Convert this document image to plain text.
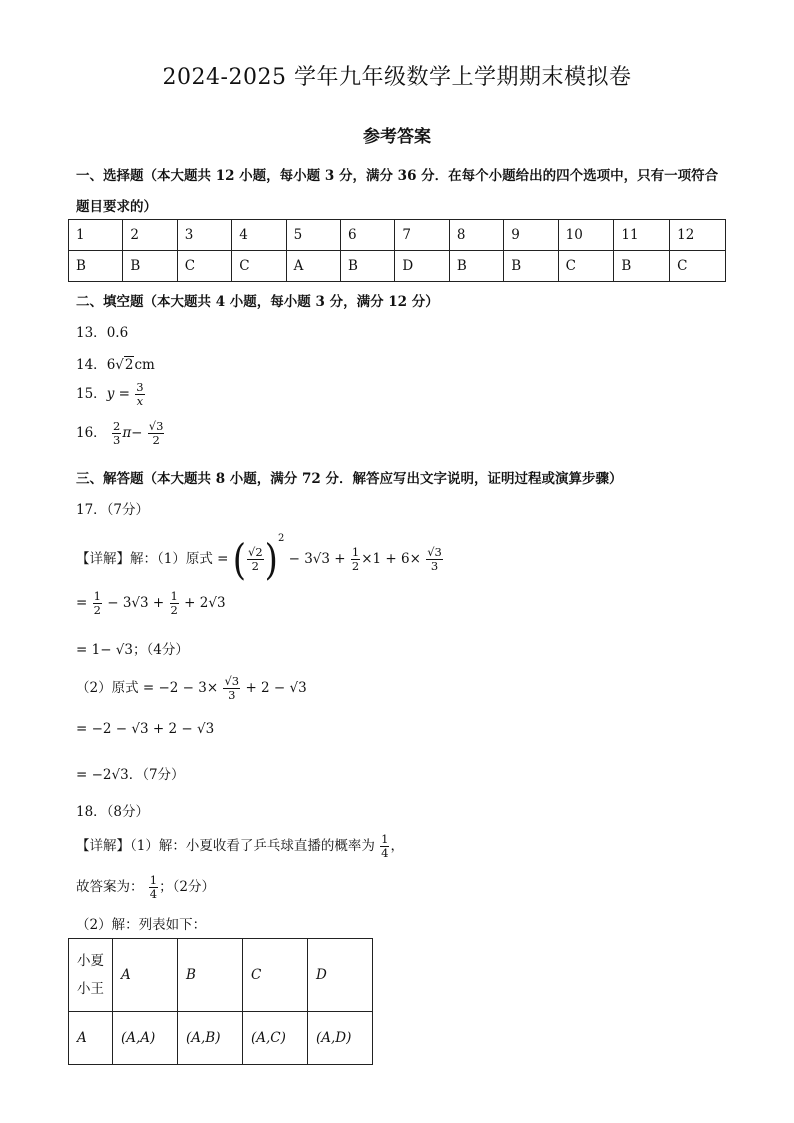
2024-2025 学年九年级数学上学期期末模拟卷
参考答案
一、选择题（本大题共 12 小题，每小题 3 分，满分 36 分．在每个小题给出的四个选项中，只有一项符合
题目要求的）
1	2	3	4	5	6	7	8	9	10	11	12
B	B	C	C	A	B	D	B	B	C	B	C
二、填空题（本大题共 4 小题，每小题 3 分，满分 12 分）
13．0.6
14．6√2cm
15．$y = \frac{3}{x}$
16． $\frac{2}{3} \pi- \frac{√3}{2}$
三、解答题（本大题共 8 小题，满分 72 分．解答应写出文字说明，证明过程或演算步骤）
17．（7分）
【详解】解：（1）原式 = ( $\frac{√2}{2} )^2 - 3√3 + \frac{1}{2} \times 1 + 6\times \frac{√3}{3}$
= $\frac{1}{2} - 3√3 + \frac{1}{2} + 2√3$
= 1− √3；（4分）
（2）原式 = $-2 - 3\times \frac{√3}{3} + 2 - √3$
= −2 − √3 + 2 − √3
= −2√3．（7分）
18．（8分）
【详解】（1）解：小夏收看了乒乓球直播的概率为 $\frac{1}{4}$ ，
故答案为： $\frac{1}{4}$ ；（2分）
（2）解：列表如下：
小夏
小王	A	B	C	D
A	(A,A)	(A,B)	(A,C)	(A,D)
